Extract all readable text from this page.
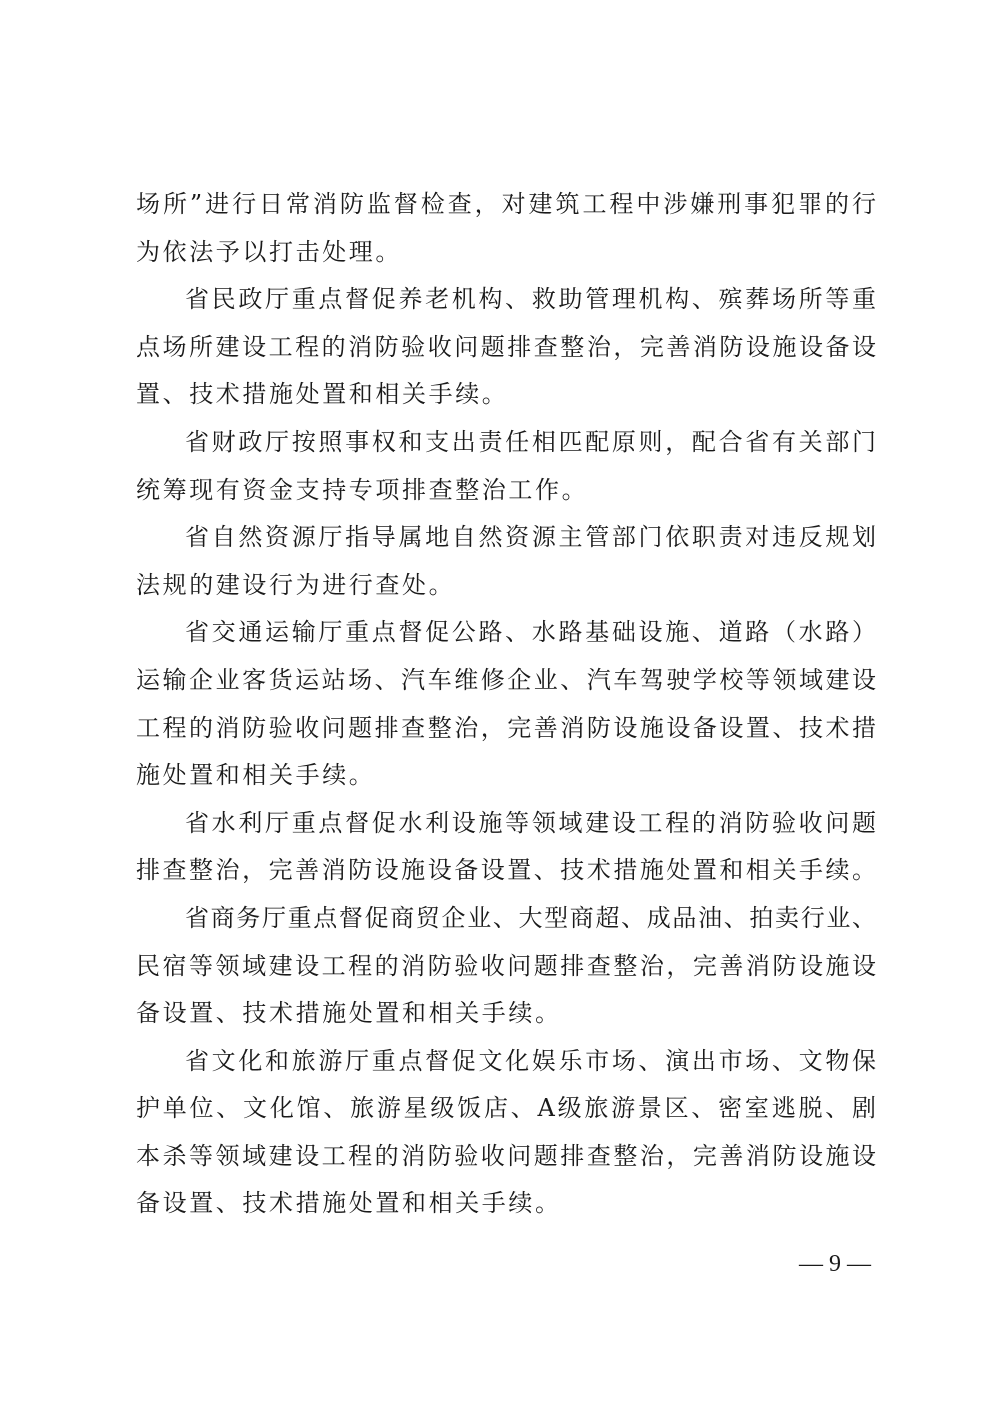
场所”进行日常消防监督检查，对建筑工程中涉嫌刑事犯罪的行
为依法予以打击处理。
省民政厅重点督促养老机构、救助管理机构、殡葬场所等重
点场所建设工程的消防验收问题排查整治，完善消防设施设备设
置、技术措施处置和相关手续。
省财政厅按照事权和支出责任相匹配原则，配合省有关部门
统筹现有资金支持专项排查整治工作。
省自然资源厅指导属地自然资源主管部门依职责对违反规划
法规的建设行为进行查处。
省交通运输厅重点督促公路、水路基础设施、道路（水路）
运输企业客货运站场、汽车维修企业、汽车驾驶学校等领域建设
工程的消防验收问题排查整治，完善消防设施设备设置、技术措
施处置和相关手续。
省水利厅重点督促水利设施等领域建设工程的消防验收问题
排查整治，完善消防设施设备设置、技术措施处置和相关手续。
省商务厅重点督促商贸企业、大型商超、成品油、拍卖行业、
民宿等领域建设工程的消防验收问题排查整治，完善消防设施设
备设置、技术措施处置和相关手续。
省文化和旅游厅重点督促文化娱乐市场、演出市场、文物保
护单位、文化馆、旅游星级饭店、A级旅游景区、密室逃脱、剧
本杀等领域建设工程的消防验收问题排查整治，完善消防设施设
备设置、技术措施处置和相关手续。
— 9 —
